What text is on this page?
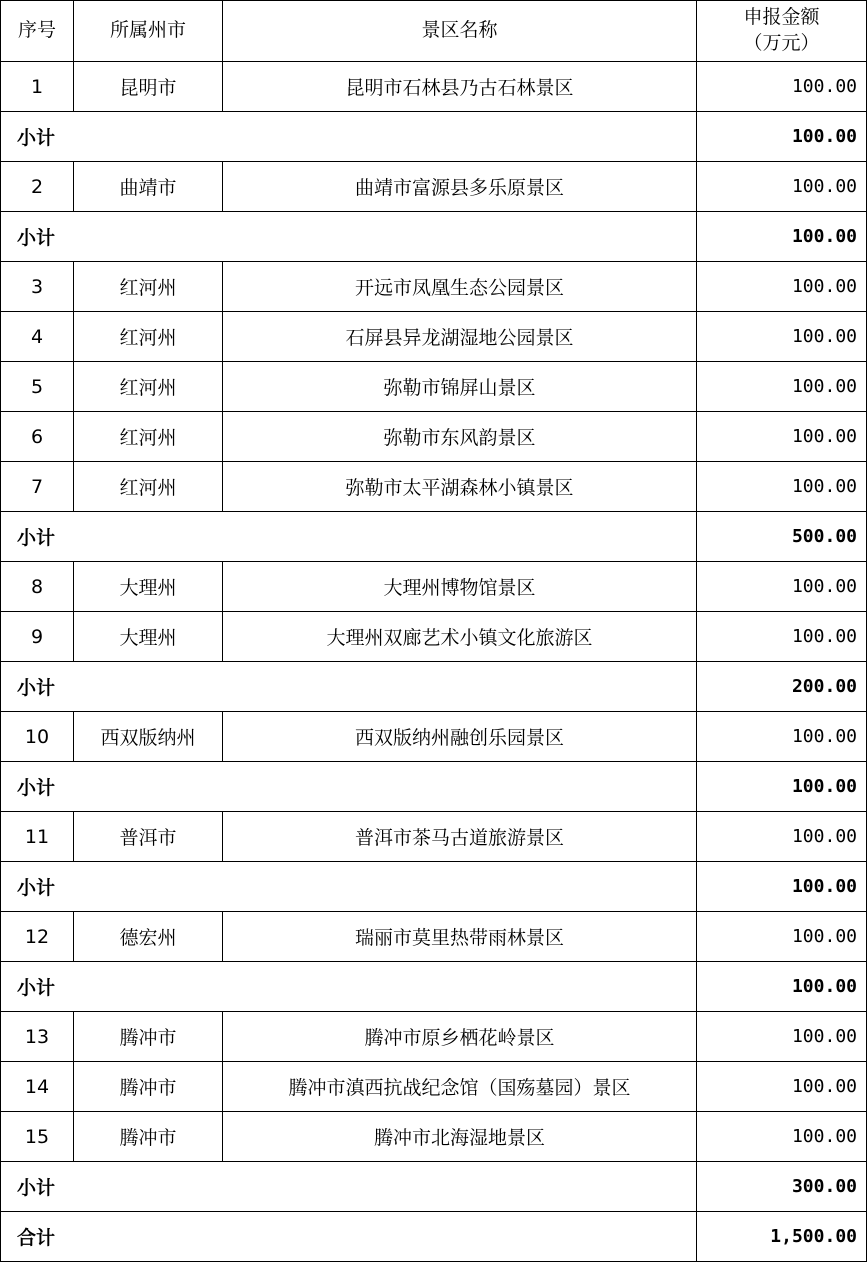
序号	所属州市	景区名称	申报金额
（万元）
1	昆明市	昆明市石林县乃古石林景区	100.00
小计			100.00
2	曲靖市	曲靖市富源县多乐原景区	100.00
小计			100.00
3	红河州	开远市凤凰生态公园景区	100.00
4	红河州	石屏县异龙湖湿地公园景区	100.00
5	红河州	弥勒市锦屏山景区	100.00
6	红河州	弥勒市东风韵景区	100.00
7	红河州	弥勒市太平湖森林小镇景区	100.00
小计			500.00
8	大理州	大理州博物馆景区	100.00
9	大理州	大理州双廊艺术小镇文化旅游区	100.00
小计			200.00
10	西双版纳州	西双版纳州融创乐园景区	100.00
小计			100.00
11	普洱市	普洱市茶马古道旅游景区	100.00
小计			100.00
12	德宏州	瑞丽市莫里热带雨林景区	100.00
小计			100.00
13	腾冲市	腾冲市原乡栖花岭景区	100.00
14	腾冲市	腾冲市滇西抗战纪念馆（国殇墓园）景区	100.00
15	腾冲市	腾冲市北海湿地景区	100.00
小计			300.00
合计			1,500.00
